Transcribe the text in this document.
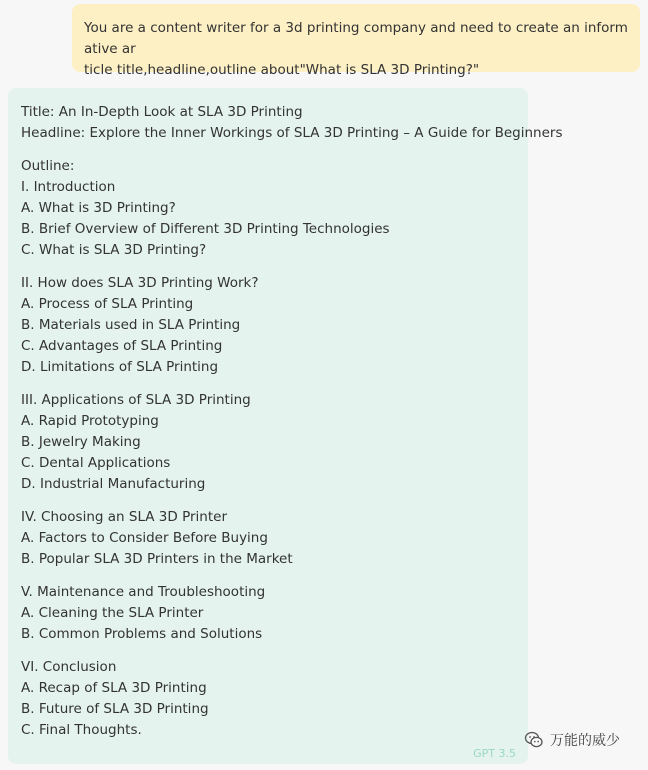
You are a content writer for a 3d printing company and need to create an informative ar
ticle title,headline,outline about"What is SLA 3D Printing?"
Title: An In-Depth Look at SLA 3D Printing
Headline: Explore the Inner Workings of SLA 3D Printing – A Guide for Beginners
Outline:
I. Introduction
A. What is 3D Printing?
B. Brief Overview of Different 3D Printing Technologies
C. What is SLA 3D Printing?
II. How does SLA 3D Printing Work?
A. Process of SLA Printing
B. Materials used in SLA Printing
C. Advantages of SLA Printing
D. Limitations of SLA Printing
III. Applications of SLA 3D Printing
A. Rapid Prototyping
B. Jewelry Making
C. Dental Applications
D. Industrial Manufacturing
IV. Choosing an SLA 3D Printer
A. Factors to Consider Before Buying
B. Popular SLA 3D Printers in the Market
V. Maintenance and Troubleshooting
A. Cleaning the SLA Printer
B. Common Problems and Solutions
VI. Conclusion
A. Recap of SLA 3D Printing
B. Future of SLA 3D Printing
C. Final Thoughts.
GPT 3.5
万能的威少
